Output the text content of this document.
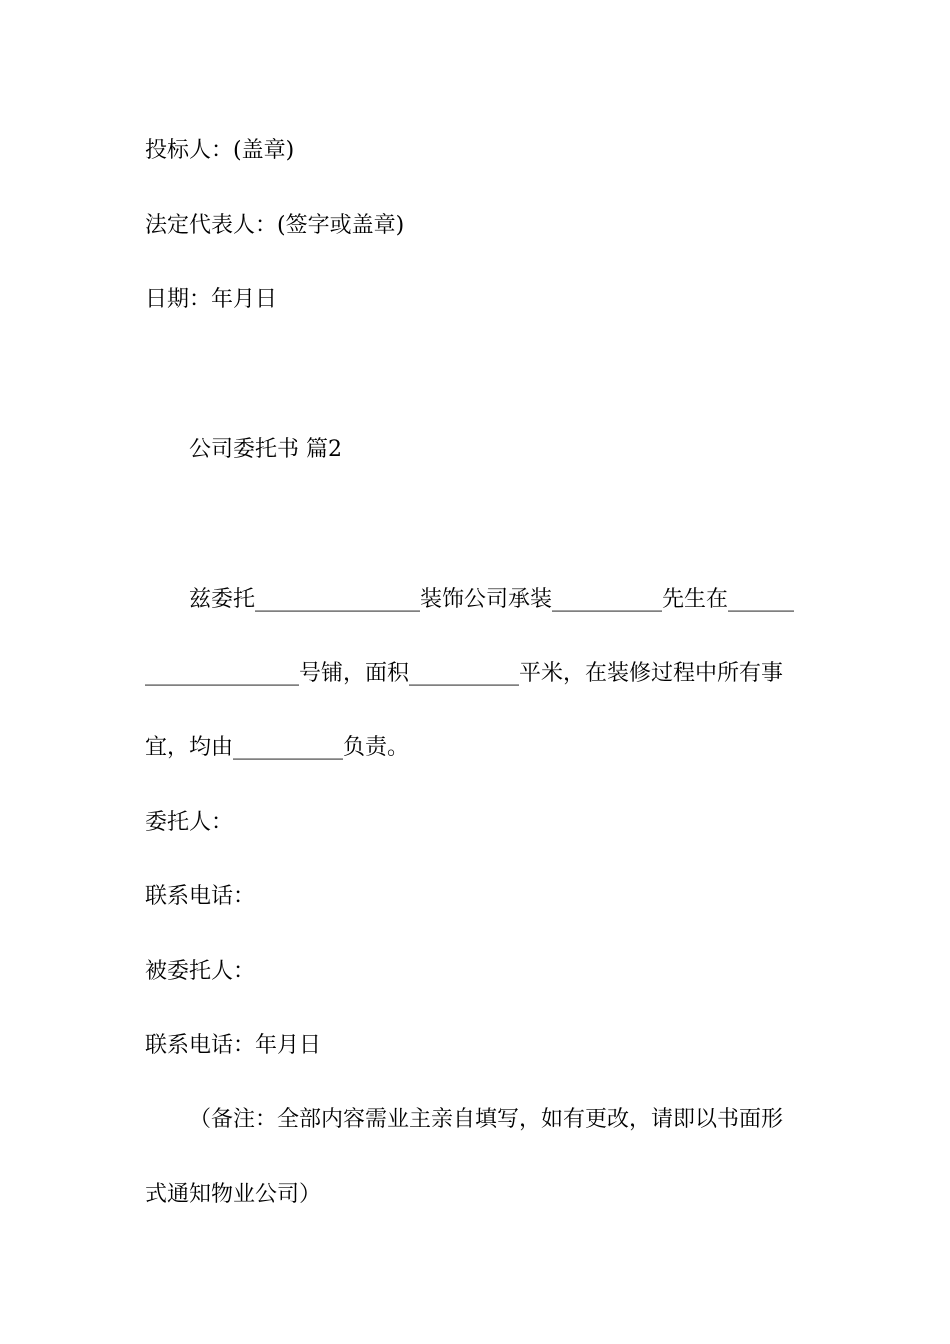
投标人：(盖章)
法定代表人：(签字或盖章)
日期：年月日
公司委托书 篇2
兹委托_______________装饰公司承装__________先生在______
______________号铺，面积__________平米，在装修过程中所有事
宜，均由__________负责。
委托人：
联系电话：
被委托人：
联系电话：年月日
（备注：全部内容需业主亲自填写，如有更改，请即以书面形
式通知物业公司）
